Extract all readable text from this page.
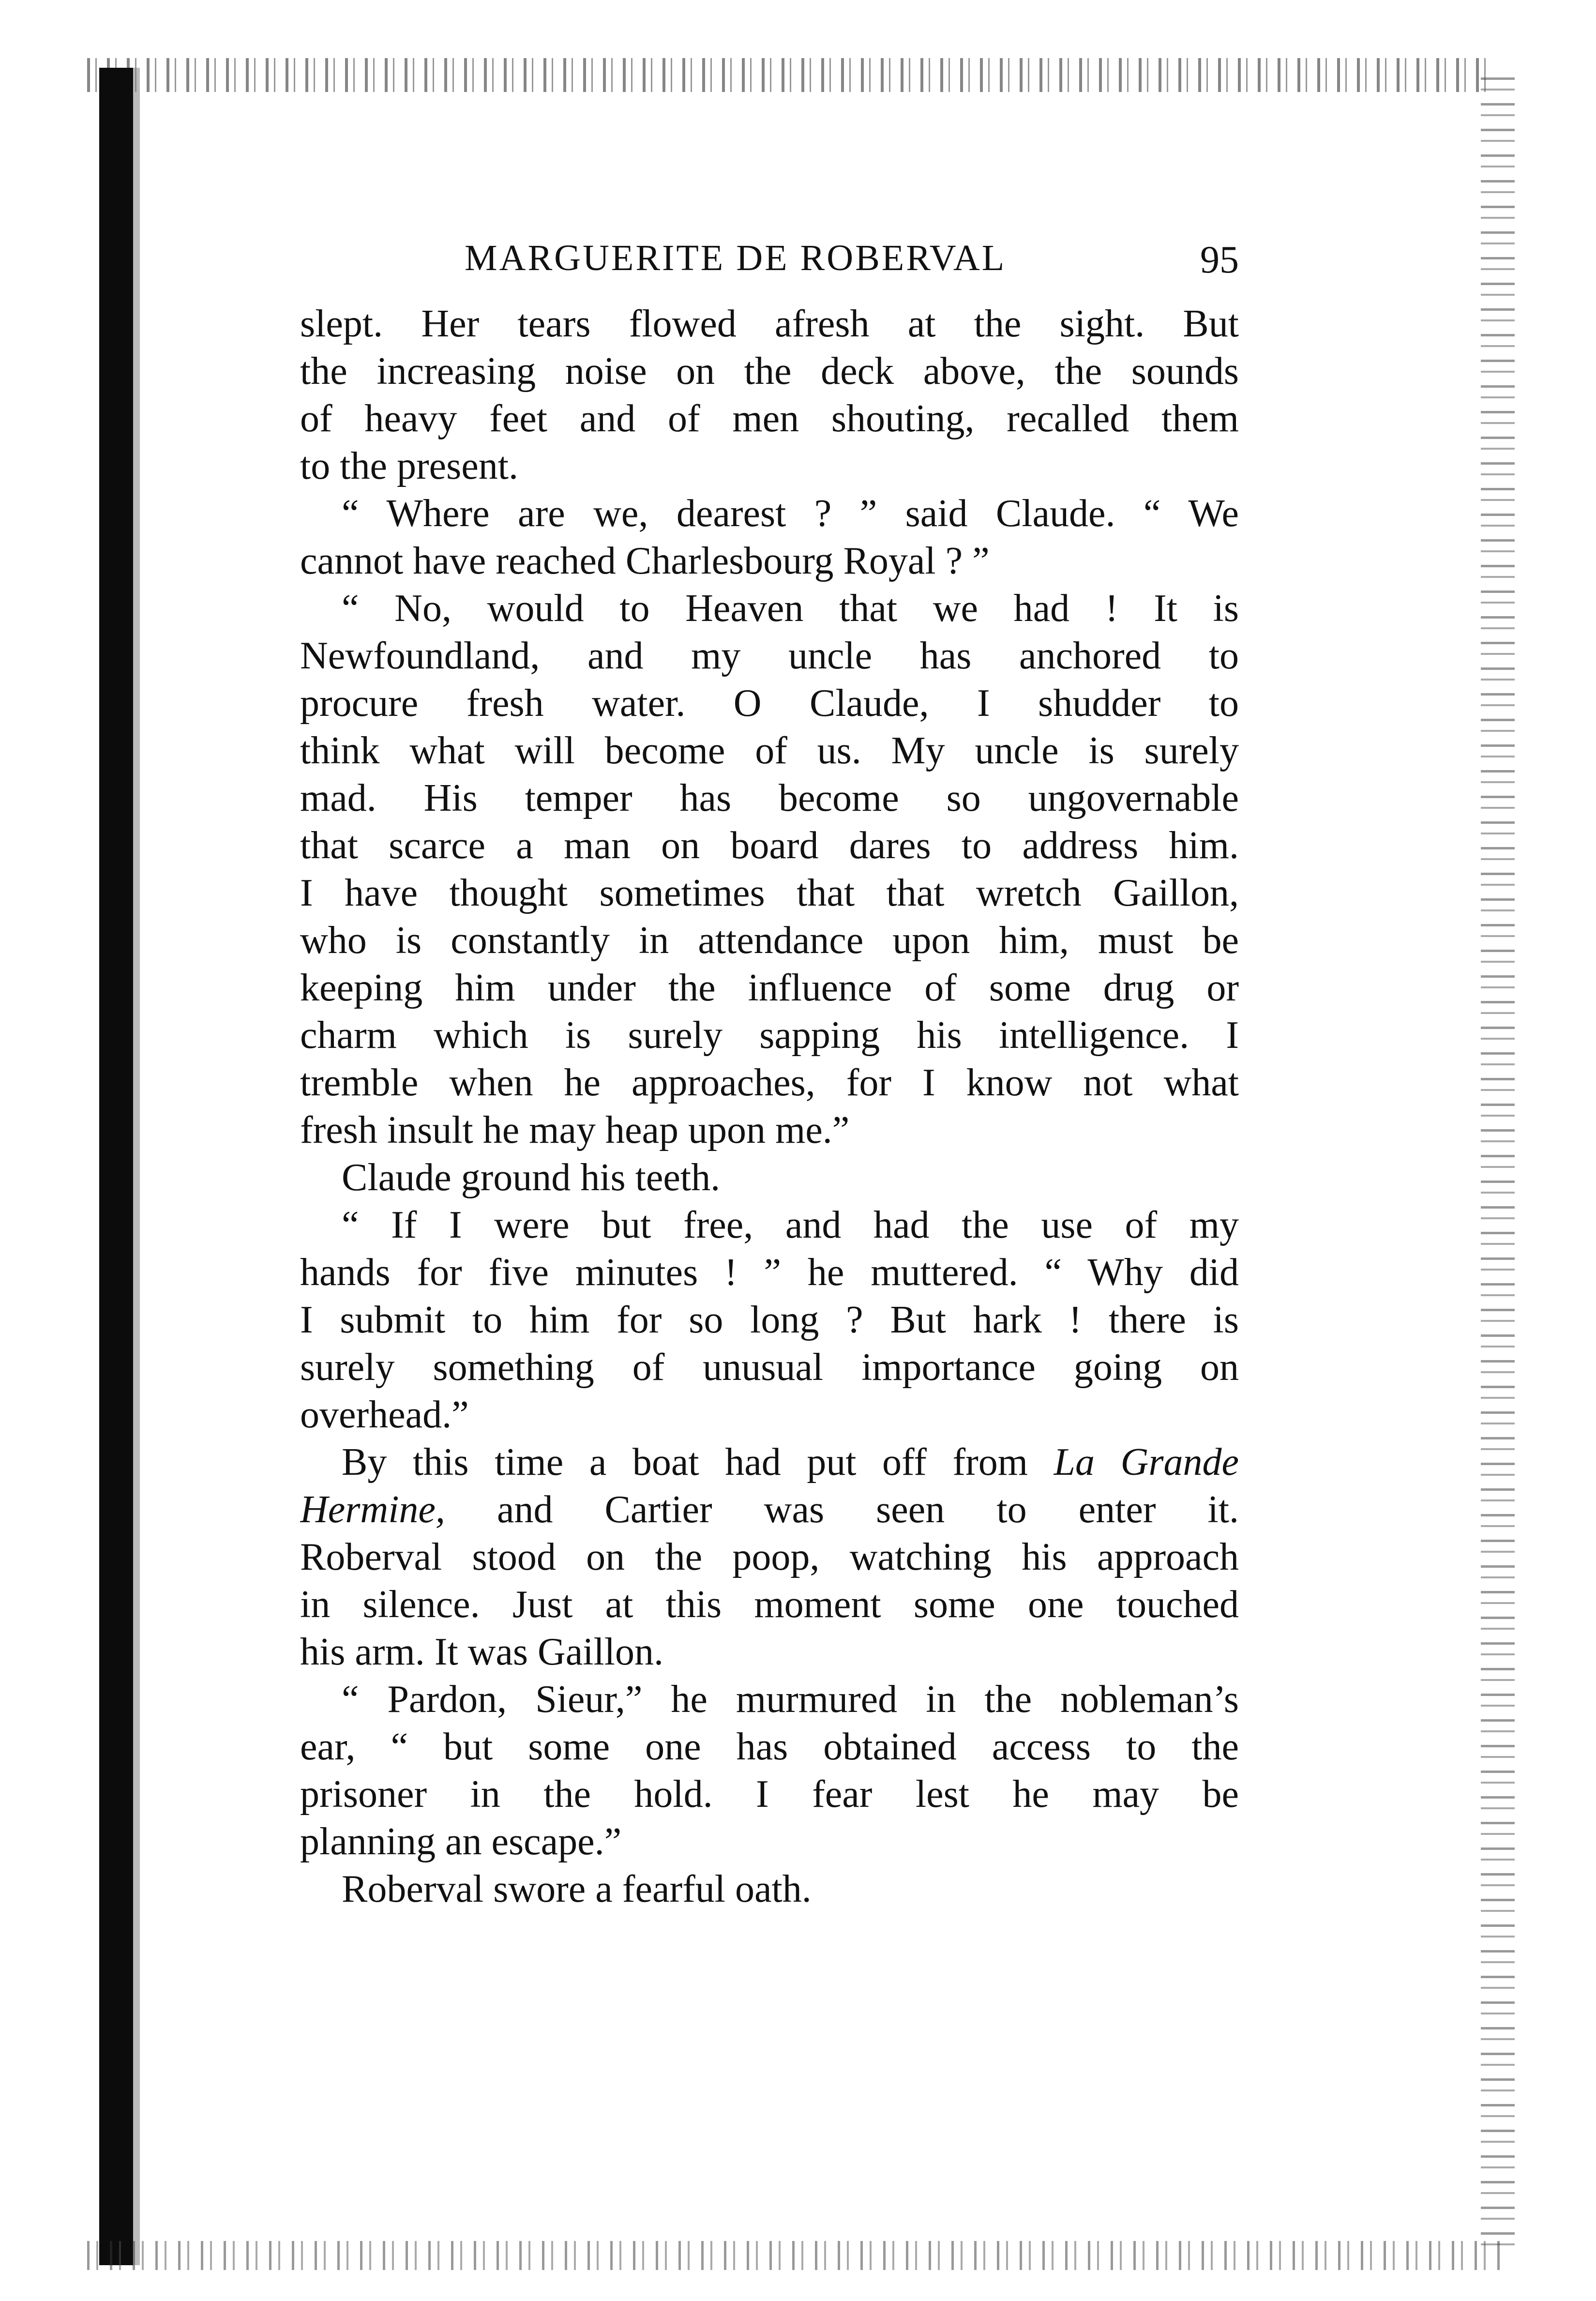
MARGUERITE DE ROBERVAL	95
slept. Her tears flowed afresh at the sight. But
the increasing noise on the deck above, the sounds
of heavy feet and of men shouting, recalled them
to the present.
“ Where are we, dearest ? ” said Claude. “ We
cannot have reached Charlesbourg Royal ? ”
“ No, would to Heaven that we had ! It is
Newfoundland, and my uncle has anchored to
procure fresh water. O Claude, I shudder to
think what will become of us. My uncle is surely
mad. His temper has become so ungovernable
that scarce a man on board dares to address him.
I have thought sometimes that that wretch Gaillon,
who is constantly in attendance upon him, must be
keeping him under the influence of some drug or
charm which is surely sapping his intelligence. I
tremble when he approaches, for I know not what
fresh insult he may heap upon me.”
Claude ground his teeth.
“ If I were but free, and had the use of my
hands for five minutes ! ” he muttered. “ Why did
I submit to him for so long ? But hark ! there is
surely something of unusual importance going on
overhead.”
By this time a boat had put off from La Grande
Hermine, and Cartier was seen to enter it.
Roberval stood on the poop, watching his approach
in silence. Just at this moment some one touched
his arm. It was Gaillon.
“ Pardon, Sieur,” he murmured in the nobleman’s
ear, “ but some one has obtained access to the
prisoner in the hold. I fear lest he may be
planning an escape.”
Roberval swore a fearful oath.
